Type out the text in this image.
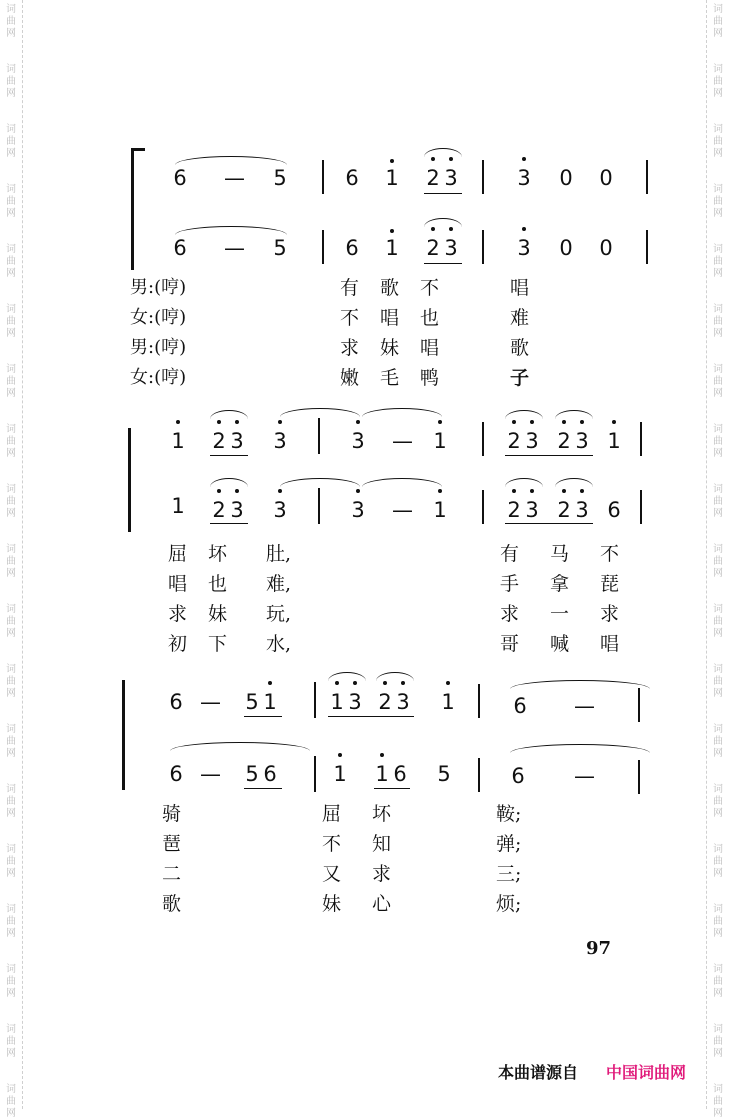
词
曲
网
词
曲
网
词
曲
网
词
曲
网
词
曲
网
词
曲
网
词
曲
网
词
曲
网
词
曲
网
词
曲
网
词
曲
网
词
曲
网
词
曲
网
词
曲
网
词
曲
网
词
曲
网
词
曲
网
词
曲
网
词
曲
网
词
曲
网
词
曲
网
词
曲
网
词
曲
网
词
曲
网
词
曲
网
词
曲
网
词
曲
网
词
曲
网
词
曲
网
词
曲
网
词
曲
网
词
曲
网
词
曲
网
词
曲
网
词
曲
网
词
曲
网
词
曲
网
词
曲
网
6 — 5	6 1 2 3	3 0 0
6 — 5	6 1 2 3	3 0 0
男:(哼)
女:(哼)
男:(哼)
女:(哼)
有 歌 不	唱
不 唱 也	难
求 妹 唱	歌
嫩 毛 鸭	子
1 2 3 3	3 — 1	2 3 2 3 1
1 2 3 3	3 — 1	2 3 2 3 6
屈 坏 肚,	有 马 不
唱 也 难,	手 拿 琵
求 妹 玩,	求 一 求
初 下 水,	哥 喊 唱
6 — 5 1	1 3 2 3 1	6 —
6 — 5 6	1 1 6 5	6 —
骑	屈 坏	鞍;
琶	不 知	弹;
二	又 求	三;
歌	妹 心	烦;
97
本曲谱源自 中国词曲网
